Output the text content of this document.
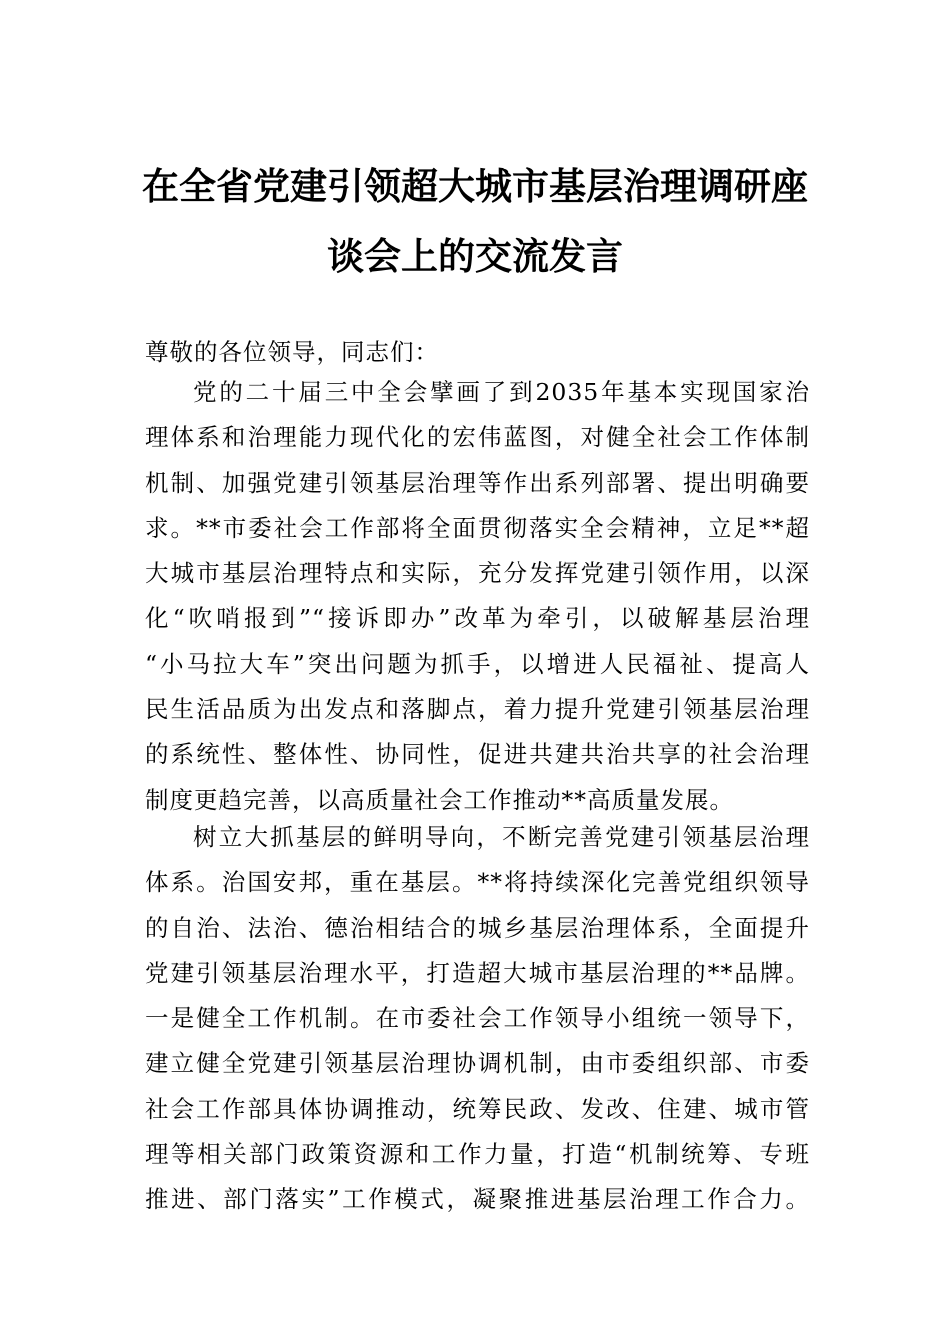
在全省党建引领超大城市基层治理调研座
谈会上的交流发言
尊敬的各位领导，同志们：
党的二十届三中全会擘画了到2035年基本实现国家治
理体系和治理能力现代化的宏伟蓝图，对健全社会工作体制
机制、加强党建引领基层治理等作出系列部署、提出明确要
求。**市委社会工作部将全面贯彻落实全会精神，立足**超
大城市基层治理特点和实际，充分发挥党建引领作用，以深
化“吹哨报到”“接诉即办”改革为牵引，以破解基层治理
“小马拉大车”突出问题为抓手，以增进人民福祉、提高人
民生活品质为出发点和落脚点，着力提升党建引领基层治理
的系统性、整体性、协同性，促进共建共治共享的社会治理
制度更趋完善，以高质量社会工作推动**高质量发展。
树立大抓基层的鲜明导向，不断完善党建引领基层治理
体系。治国安邦，重在基层。**将持续深化完善党组织领导
的自治、法治、德治相结合的城乡基层治理体系，全面提升
党建引领基层治理水平，打造超大城市基层治理的**品牌。
一是健全工作机制。在市委社会工作领导小组统一领导下，
建立健全党建引领基层治理协调机制，由市委组织部、市委
社会工作部具体协调推动，统筹民政、发改、住建、城市管
理等相关部门政策资源和工作力量，打造“机制统筹、专班
推进、部门落实”工作模式，凝聚推进基层治理工作合力。
